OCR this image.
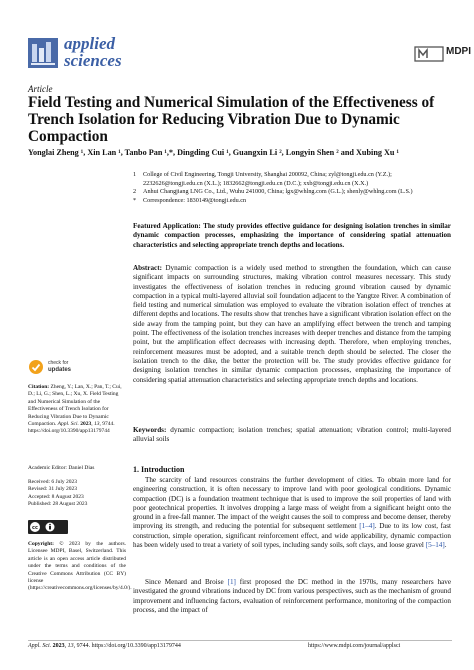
applied
sciences	MDPI
Article
Field Testing and Numerical Simulation of the Effectiveness of Trench Isolation for Reducing Vibration Due to Dynamic Compaction
Yonglai Zheng ¹, Xin Lan ¹, Tanbo Pan ¹,*, Dingding Cui ¹, Guangxin Li ², Longyin Shen ² and Xubing Xu ¹
1	College of Civil Engineering, Tongji University, Shanghai 200092, China; zyl@tongji.edu.cn (Y.Z.); 2232626@tongji.edu.cn (X.L.); 1832662@tongji.edu.cn (D.C.); xxb@tongji.edu.cn (X.X.)
2	Anhui Changjiang LNG Co., Ltd., Wuhu 241000, China; lgx@whlng.com (G.L.); shenly@whlng.com (L.S.)
*	Correspondence: 1830149@tongji.edu.cn
Featured Application: The study provides effective guidance for designing isolation trenches in similar dynamic compaction processes, emphasizing the importance of considering spatial attenuation characteristics and selecting appropriate trench depths and locations.
Abstract: Dynamic compaction is a widely used method to strengthen the foundation, which can cause significant impacts on surrounding structures, making vibration control measures necessary. This study investigates the effectiveness of isolation trenches in reducing ground vibration caused by dynamic compaction in a typical multi-layered alluvial soil foundation adjacent to the Yangtze River. A combination of field testing and numerical simulation was employed to evaluate the vibration isolation effect of trenches at different depths and locations. The results show that trenches have a significant vibration isolation effect on the side away from the tamping point, but they can have an amplifying effect between the trench and tamping point. The effectiveness of the isolation trenches increases with deeper trenches and distance from the tamping point, but the amplification effect decreases with increasing depth. Therefore, when employing trenches, reinforcement measures must be adopted, and a suitable trench depth should be selected. The closer the isolation trench to the dike, the better the protection will be. The study provides effective guidance for designing isolation trenches in similar dynamic compaction processes, emphasizing the importance of considering spatial attenuation characteristics and selecting appropriate trench depths and locations.
Keywords: dynamic compaction; isolation trenches; spatial attenuation; vibration control; multi-layered alluvial soils
1. Introduction
The scarcity of land resources constrains the further development of cities. To obtain more land for engineering construction, it is often necessary to improve land with poor geological conditions. Dynamic compaction (DC) is a foundation treatment technique that is used to improve the soil properties of land with poor geotechnical properties. It involves dropping a large mass of weight from a significant height onto the ground in a free-fall manner. The impact of the weight causes the soil to compress and become denser, thereby improving its strength, and reducing the potential for subsequent settlement [1–4]. Due to its low cost, fast construction, simple operation, significant reinforcement effect, and wide applicability, dynamic compaction has been widely used to treat a variety of soil types, including sandy soils, soft clays, and loose gravel [5–14].
Since Menard and Broise [1] first proposed the DC method in the 1970s, many researchers have investigated the ground vibrations induced by DC from various perspectives, such as the mechanism of ground improvement and influencing factors, evaluation of reinforcement performance, monitoring of the compaction process, and the impact of
check for
updates
Citation: Zheng, Y.; Lan, X.; Pan, T.; Cui, D.; Li, G.; Shen, L.; Xu, X. Field Testing and Numerical Simulation of the Effectiveness of Trench Isolation for Reducing Vibration Due to Dynamic Compaction. Appl. Sci. 2023, 13, 9744. https://doi.org/10.3390/app13179744
Academic Editor: Daniel Dias
Received: 6 July 2023
Revised: 31 July 2023
Accepted: 8 August 2023
Published: 28 August 2023
cc
Copyright: © 2023 by the authors. Licensee MDPI, Basel, Switzerland. This article is an open access article distributed under the terms and conditions of the Creative Commons Attribution (CC BY) license (https://creativecommons.org/licenses/by/4.0/).
Appl. Sci. 2023, 13, 9744. https://doi.org/10.3390/app13179744	https://www.mdpi.com/journal/applsci
